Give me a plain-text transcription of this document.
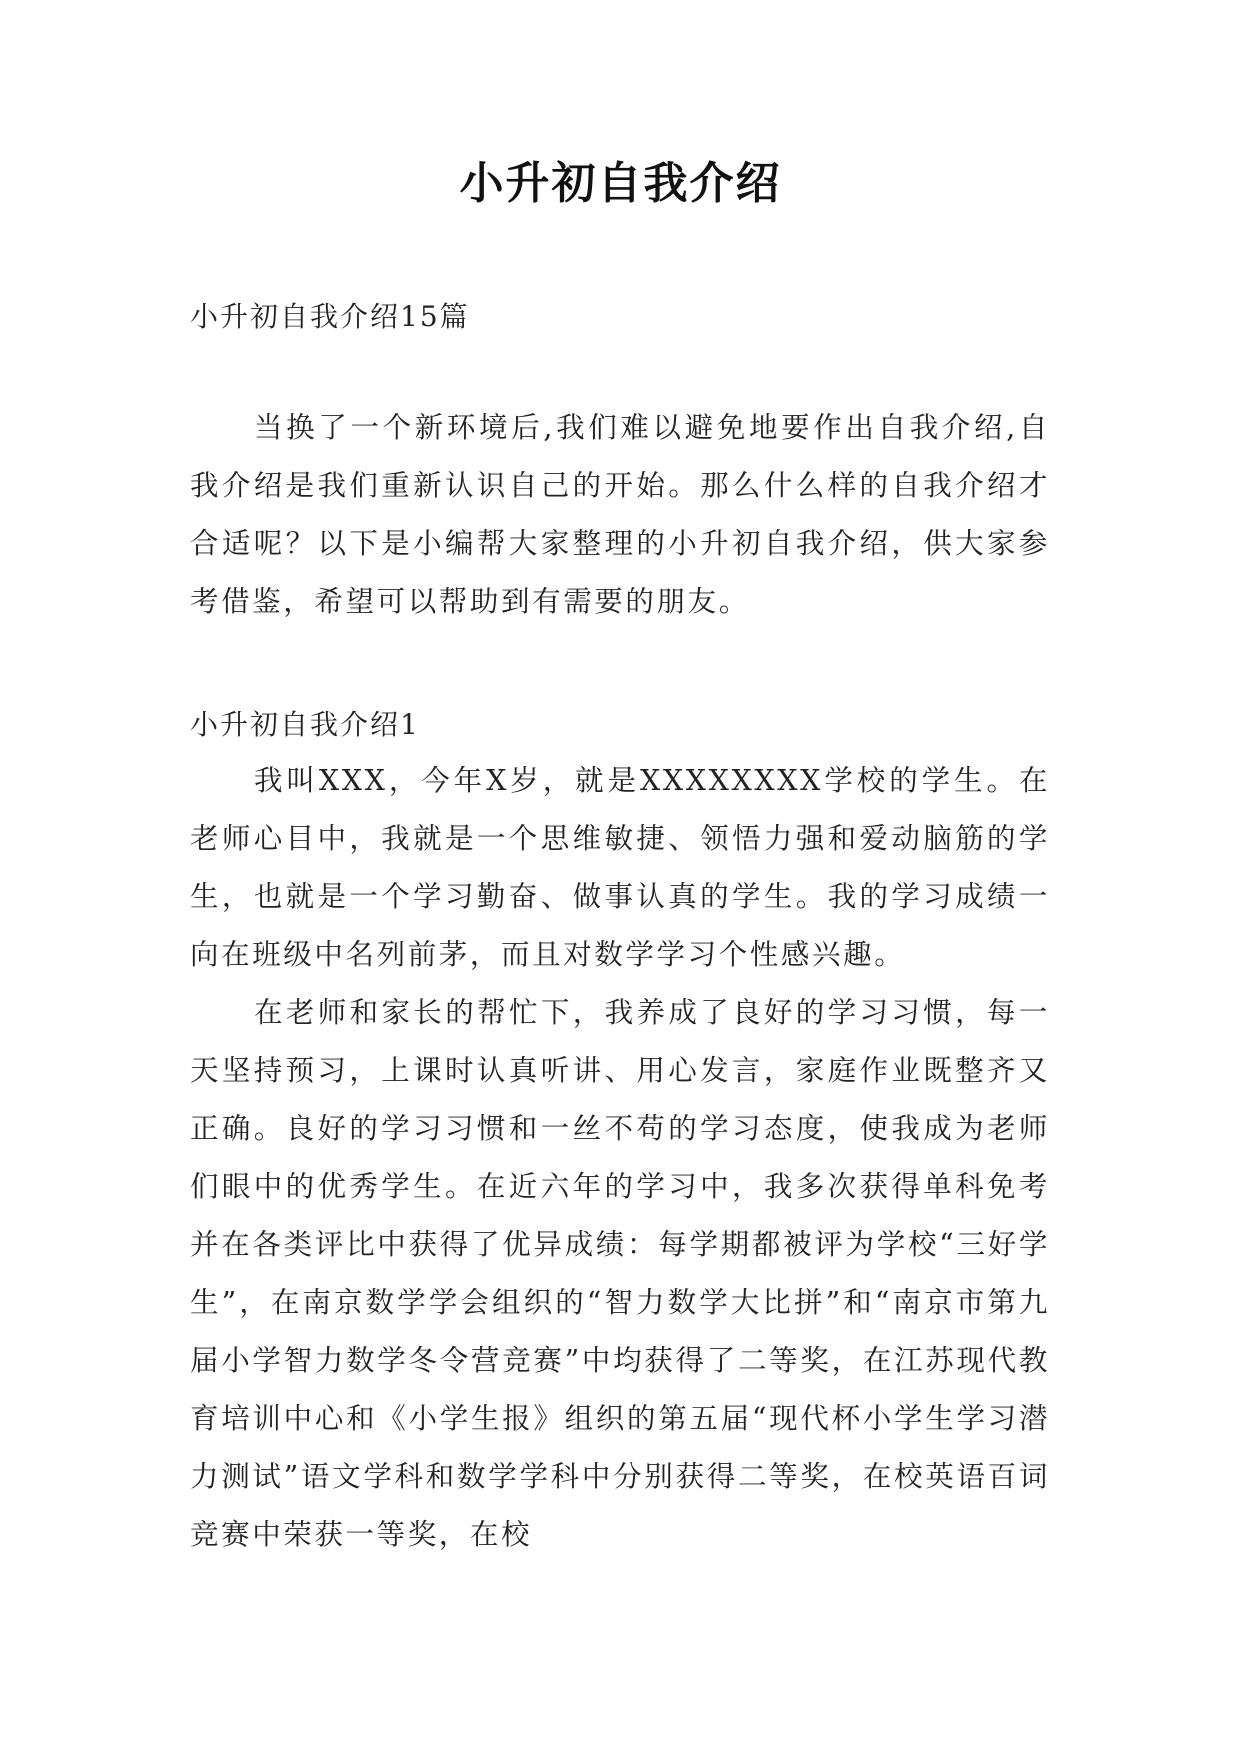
小升初自我介绍
小升初自我介绍15篇

当换了一个新环境后,我们难以避免地要作出自我介绍,自我介绍是我们重新认识自己的开始。那么什么样的自我介绍才合适呢？以下是小编帮大家整理的小升初自我介绍，供大家参考借鉴，希望可以帮助到有需要的朋友。

小升初自我介绍1

我叫XXX，今年X岁，就是XXXXXXXX学校的学生。在老师心目中，我就是一个思维敏捷、领悟力强和爱动脑筋的学生，也就是一个学习勤奋、做事认真的学生。我的学习成绩一向在班级中名列前茅，而且对数学学习个性感兴趣。

在老师和家长的帮忙下，我养成了良好的学习习惯，每一天坚持预习，上课时认真听讲、用心发言，家庭作业既整齐又正确。良好的学习习惯和一丝不苟的学习态度，使我成为老师们眼中的优秀学生。在近六年的学习中，我多次获得单科免考并在各类评比中获得了优异成绩：每学期都被评为学校“三好学生”，在南京数学学会组织的“智力数学大比拼”和“南京市第九届小学智力数学冬令营竞赛”中均获得了二等奖，在江苏现代教育培训中心和《小学生报》组织的第五届“现代杯小学生学习潜力测试”语文学科和数学学科中分别获得二等奖，在校英语百词竞赛中荣获一等奖，在校
